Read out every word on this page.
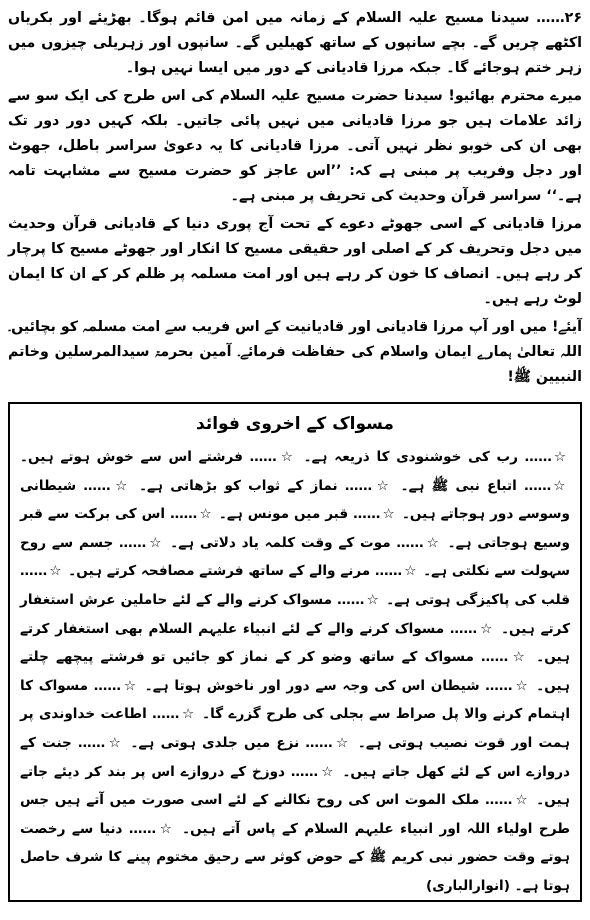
۲۶…… سیدنا مسیح علیہ السلام کے زمانہ میں امن قائم ہوگا۔ بھڑیئے اور بکریاں اکٹھے چریں گے۔ بچے سانپوں کے ساتھ کھیلیں گے۔ سانپوں اور زہریلی چیزوں میں زہر ختم ہوجائے گا۔ جبکہ مرزا قادیانی کے دور میں ایسا نہیں ہوا۔

میرے محترم بھائیو! سیدنا حضرت مسیح علیہ السلام کی اس طرح کی ایک سو سے زائد علامات ہیں جو مرزا قادیانی میں نہیں پائی جاتیں۔ بلکہ کہیں دور دور تک بھی ان کی خوبو نظر نہیں آتی۔ مرزا قادیانی کا یہ دعویٰ سراسر باطل، جھوٹ اور دجل وفریب پر مبنی ہے کہ: ’’اس عاجز کو حضرت مسیح سے مشابہت تامہ ہے۔‘‘ سراسر قرآن وحدیث کی تحریف پر مبنی ہے۔

مرزا قادیانی کے اسی جھوٹے دعوے کے تحت آج پوری دنیا کے قادیانی قرآن وحدیث میں دجل وتحریف کر کے اصلی اور حقیقی مسیح کا انکار اور جھوٹے مسیح کا پرچار کر رہے ہیں۔ انصاف کا خون کر رہے ہیں اور امت مسلمہ پر ظلم کر کے ان کا ایمان لوٹ رہے ہیں۔

آیئے! میں اور آپ مرزا قادیانی اور قادیانیت کے اس فریب سے امت مسلمہ کو بچائیں۔ اللہ تعالیٰ ہمارے ایمان واسلام کی حفاظت فرمائے۔ آمین بحرمۃ سیدالمرسلین وخاتم النبیین ﷺ!

مسواک کے اخروی فوائد
☆…… رب کی خوشنودی کا ذریعہ ہے۔ ☆…… فرشتے اس سے خوش ہوتے ہیں۔ ☆…… اتباع نبی ﷺ ہے۔ ☆…… نماز کے ثواب کو بڑھاتی ہے۔ ☆…… شیطانی وسوسے دور ہوجاتے ہیں۔ ☆…… قبر میں مونس ہے۔ ☆…… اس کی برکت سے قبر وسیع ہوجاتی ہے۔ ☆…… موت کے وقت کلمہ یاد دلاتی ہے۔ ☆…… جسم سے روح سہولت سے نکلتی ہے۔ ☆…… مرنے والے کے ساتھ فرشتے مصافحہ کرتے ہیں۔ ☆…… قلب کی پاکیزگی ہوتی ہے۔ ☆…… مسواک کرنے والے کے لئے حاملین عرش استغفار کرتے ہیں۔ ☆…… مسواک کرنے والے کے لئے انبیاء علیہم السلام بھی استغفار کرتے ہیں۔ ☆…… مسواک کے ساتھ وضو کر کے نماز کو جائیں تو فرشتے پیچھے چلتے ہیں۔ ☆…… شیطان اس کی وجہ سے دور اور ناخوش ہوتا ہے۔ ☆…… مسواک کا اہتمام کرنے والا پل صراط سے بجلی کی طرح گزرے گا۔ ☆…… اطاعت خداوندی پر ہمت اور قوت نصیب ہوتی ہے۔ ☆…… نزع میں جلدی ہوتی ہے۔ ☆…… جنت کے دروازے اس کے لئے کھل جاتے ہیں۔ ☆…… دوزخ کے دروازے اس پر بند کر دیئے جاتے ہیں۔ ☆…… ملک الموت اس کی روح نکالنے کے لئے اسی صورت میں آتے ہیں جس طرح اولیاء اللہ اور انبیاء علیہم السلام کے پاس آتے ہیں۔ ☆…… دنیا سے رخصت ہوتے وقت حضور نبی کریم ﷺ کے حوض کوثر سے رحیق مختوم پینے کا شرف حاصل ہوتا ہے۔ (انوارالباری)
